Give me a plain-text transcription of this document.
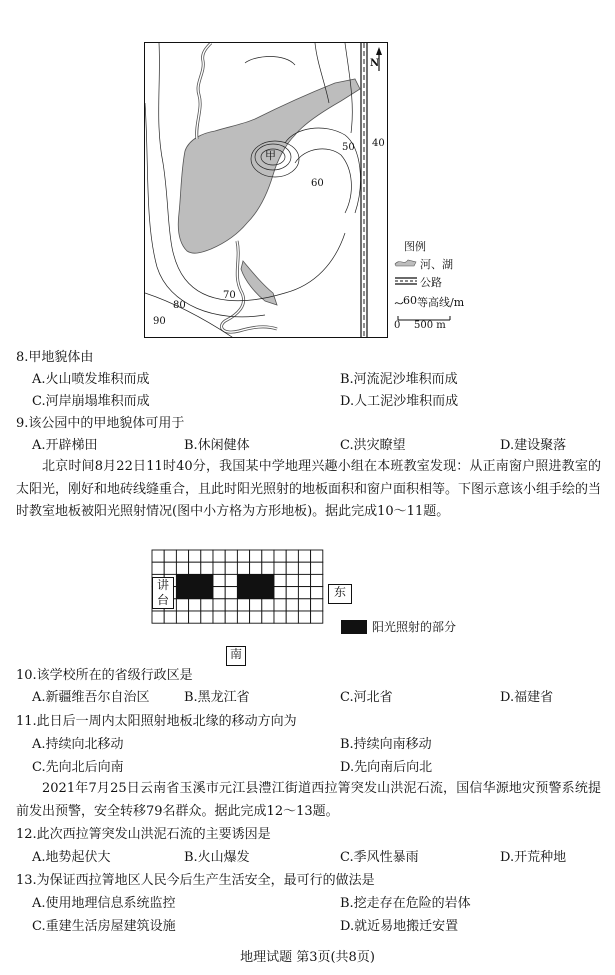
N
甲
40
50
60
70
80
90
图例
河、湖
公路
60 等高线/m
0 500 m
8.甲地貌体由
A.火山喷发堆积而成	B.河流泥沙堆积而成
C.河岸崩塌堆积而成	D.人工泥沙堆积而成
9.该公园中的甲地貌体可用于
A.开辟梯田	B.休闲健体	C.洪灾瞭望	D.建设聚落
北京时间8月22日11时40分，我国某中学地理兴趣小组在本班教室发现：从正南窗户照进教室的太阳光，刚好和地砖线缝重合，且此时阳光照射的地板面积和窗户面积相等。下图示意该小组手绘的当时教室地板被阳光照射情况(图中小方格为方形地板)。据此完成10～11题。
讲台
东
南
阳光照射的部分
10.该学校所在的省级行政区是
A.新疆维吾尔自治区	B.黑龙江省	C.河北省	D.福建省
11.此日后一周内太阳照射地板北缘的移动方向为
A.持续向北移动	B.持续向南移动
C.先向北后向南	D.先向南后向北
2021年7月25日云南省玉溪市元江县澧江街道西拉箐突发山洪泥石流，国信华源地灾预警系统提前发出预警，安全转移79名群众。据此完成12～13题。
12.此次西拉箐突发山洪泥石流的主要诱因是
A.地势起伏大	B.火山爆发	C.季风性暴雨	D.开荒种地
13.为保证西拉箐地区人民今后生产生活安全，最可行的做法是
A.使用地理信息系统监控	B.挖走存在危险的岩体
C.重建生活房屋建筑设施	D.就近易地搬迁安置
地理试题 第3页(共8页)
